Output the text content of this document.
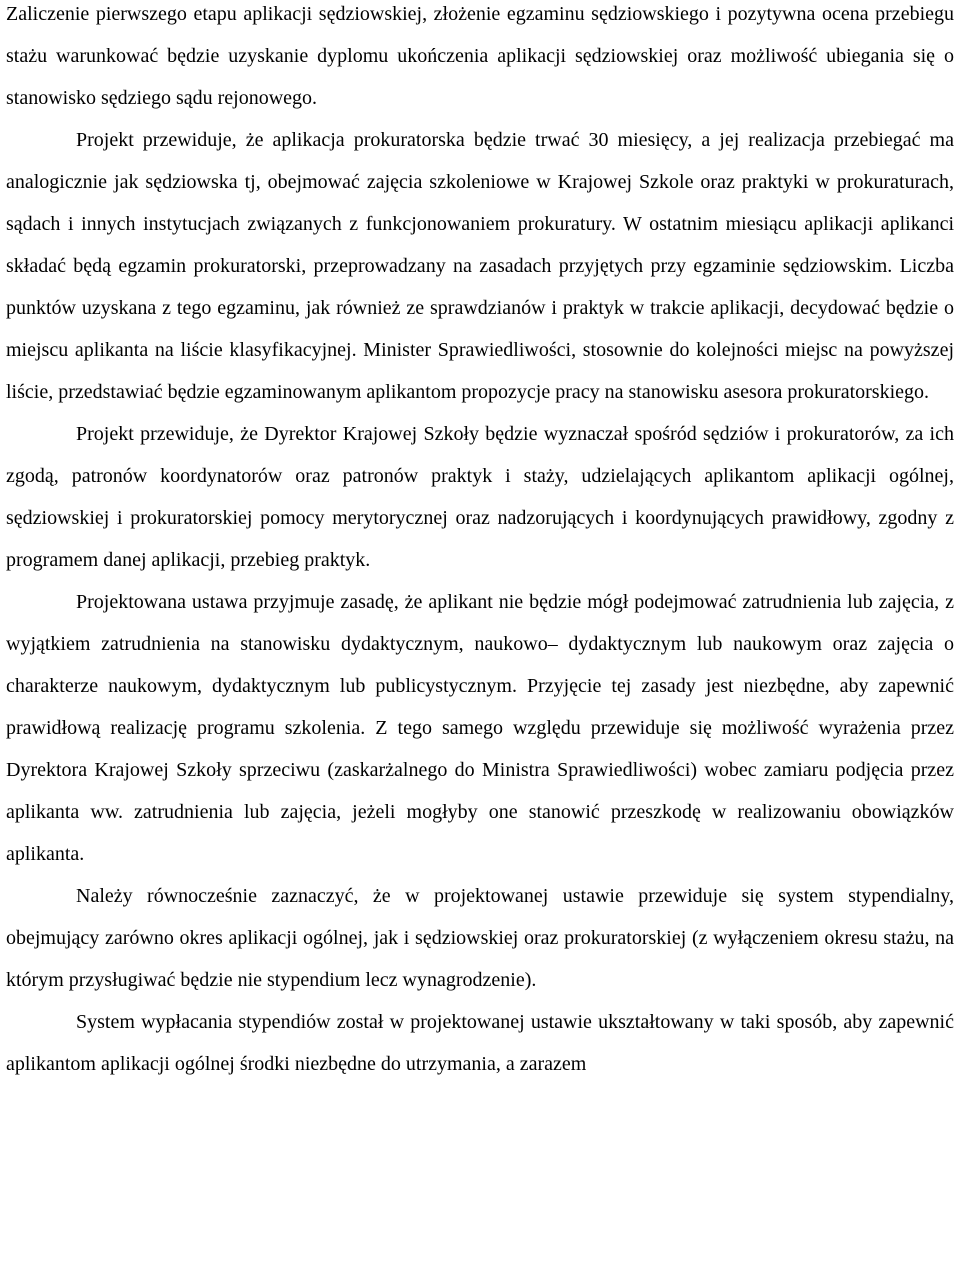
Zaliczenie pierwszego etapu aplikacji sędziowskiej, złożenie egzaminu sędziowskiego i pozytywna ocena przebiegu stażu warunkować będzie uzyskanie dyplomu ukończenia aplikacji sędziowskiej oraz możliwość ubiegania się o stanowisko sędziego sądu rejonowego.

Projekt przewiduje, że aplikacja prokuratorska będzie trwać 30 miesięcy, a jej realizacja przebiegać ma analogicznie jak sędziowska tj, obejmować zajęcia szkoleniowe w Krajowej Szkole oraz praktyki w prokuraturach, sądach i innych instytucjach związanych z funkcjonowaniem prokuratury. W ostatnim miesiącu aplikacji aplikanci składać będą egzamin prokuratorski, przeprowadzany na zasadach przyjętych przy egzaminie sędziowskim. Liczba punktów uzyskana z tego egzaminu, jak również ze sprawdzianów i praktyk w trakcie aplikacji, decydować będzie o miejscu aplikanta na liście klasyfikacyjnej. Minister Sprawiedliwości, stosownie do kolejności miejsc na powyższej liście, przedstawiać będzie egzaminowanym aplikantom propozycje pracy na stanowisku asesora prokuratorskiego.

Projekt przewiduje, że Dyrektor Krajowej Szkoły będzie wyznaczał spośród sędziów i prokuratorów, za ich zgodą, patronów koordynatorów oraz patronów praktyk i staży, udzielających aplikantom aplikacji ogólnej, sędziowskiej i prokuratorskiej pomocy merytorycznej oraz nadzorujących i koordynujących prawidłowy, zgodny z programem danej aplikacji, przebieg praktyk.

Projektowana ustawa przyjmuje zasadę, że aplikant nie będzie mógł podejmować zatrudnienia lub zajęcia, z wyjątkiem zatrudnienia na stanowisku dydaktycznym, naukowo– dydaktycznym lub naukowym oraz zajęcia o charakterze naukowym, dydaktycznym lub publicystycznym. Przyjęcie tej zasady jest niezbędne, aby zapewnić prawidłową realizację programu szkolenia. Z tego samego względu przewiduje się możliwość wyrażenia przez Dyrektora Krajowej Szkoły sprzeciwu (zaskarżalnego do Ministra Sprawiedliwości) wobec zamiaru podjęcia przez aplikanta ww. zatrudnienia lub zajęcia, jeżeli mogłyby one stanowić przeszkodę w realizowaniu obowiązków aplikanta.

Należy równocześnie zaznaczyć, że w projektowanej ustawie przewiduje się system stypendialny, obejmujący zarówno okres aplikacji ogólnej, jak i sędziowskiej oraz prokuratorskiej (z wyłączeniem okresu stażu, na którym przysługiwać będzie nie stypendium lecz wynagrodzenie).

System wypłacania stypendiów został w projektowanej ustawie ukształtowany w taki sposób, aby zapewnić aplikantom aplikacji ogólnej środki niezbędne do utrzymania, a zarazem
